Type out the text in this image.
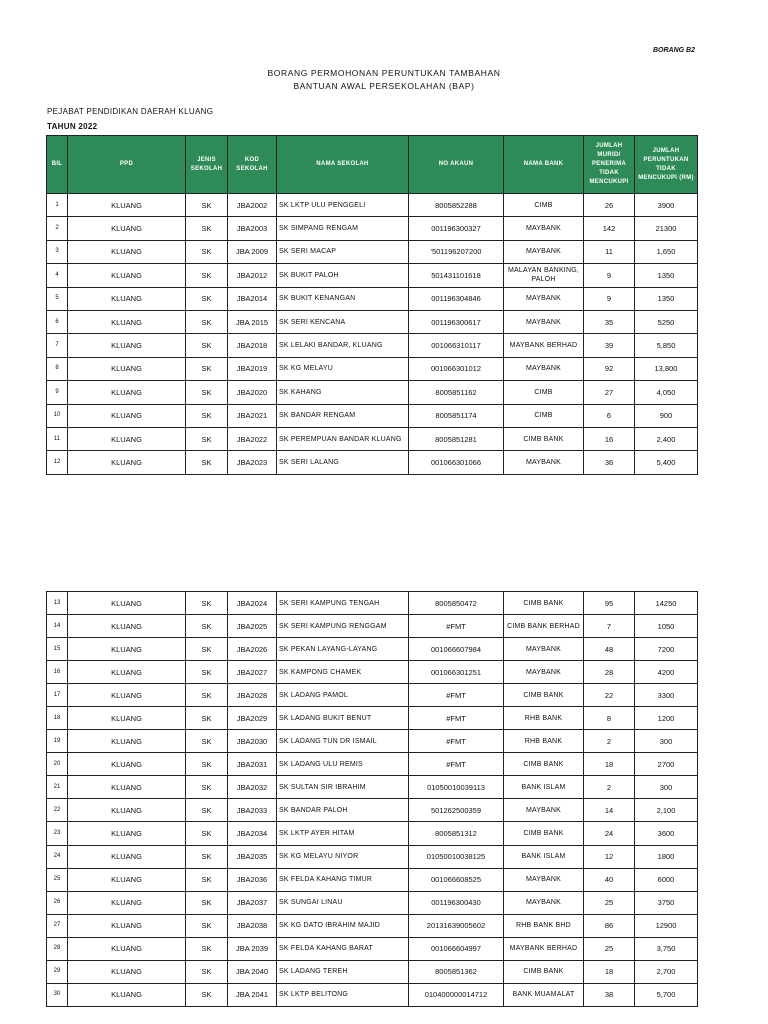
BORANG B2
BORANG PERMOHONAN PERUNTUKAN TAMBAHAN
BANTUAN AWAL PERSEKOLAHAN (BAP)
PEJABAT PENDIDIKAN DAERAH KLUANG
TAHUN 2022
BIL	PPD	JENIS SEKOLAH	KOD SEKOLAH	NAMA SEKOLAH	NO AKAUN	NAMA BANK	JUMLAH MURID/ PENERIMA TIDAK MENCUKUPI	JUMLAH PERUNTUKAN TIDAK MENCUKUPI (RM)
1	KLUANG	SK	JBA2002	SK LKTP ULU PENGGELI	8005852288	CIMB	26	3900
2	KLUANG	SK	JBA2003	SK SIMPANG RENGAM	001196300327	MAYBANK	142	21300
3	KLUANG	SK	JBA 2009	SK SERI MACAP	'501196207200	MAYBANK	11	1,650
4	KLUANG	SK	JBA2012	SK BUKIT PALOH	501431101618	MALAYAN BANKING, PALOH	9	1350
5	KLUANG	SK	JBA2014	SK BUKIT KENANGAN	001196304846	MAYBANK	9	1350
6	KLUANG	SK	JBA 2015	SK SERI KENCANA	001196300617	MAYBANK	35	5250
7	KLUANG	SK	JBA2018	SK LELAKI BANDAR, KLUANG	001066310117	MAYBANK BERHAD	39	5,850
8	KLUANG	SK	JBA2019	SK KG MELAYU	001066301012	MAYBANK	92	13,800
9	KLUANG	SK	JBA2020	SK KAHANG	8005851162	CIMB	27	4,050
10	KLUANG	SK	JBA2021	SK BANDAR RENGAM	8005851174	CIMB	6	900
11	KLUANG	SK	JBA2022	SK PEREMPUAN BANDAR KLUANG	8005851281	CIMB BANK	16	2,400
12	KLUANG	SK	JBA2023	SK SERI LALANG	001066301066	MAYBANK	36	5,400
13	KLUANG	SK	JBA2024	SK SERI KAMPUNG TENGAH	8005850472	CIMB BANK	95	14250
14	KLUANG	SK	JBA2025	SK SERI KAMPUNG RENGGAM	#FMT	CIMB BANK BERHAD	7	1050
15	KLUANG	SK	JBA2026	SK PEKAN LAYANG-LAYANG	001066607984	MAYBANK	48	7200
16	KLUANG	SK	JBA2027	SK KAMPONG CHAMEK	001066301251	MAYBANK	28	4200
17	KLUANG	SK	JBA2028	SK LADANG PAMOL	#FMT	CIMB BANK	22	3300
18	KLUANG	SK	JBA2029	SK LADANG BUKIT BENUT	#FMT	RHB BANK	8	1200
19	KLUANG	SK	JBA2030	SK LADANG TUN DR ISMAIL	#FMT	RHB BANK	2	300
20	KLUANG	SK	JBA2031	SK LADANG ULU REMIS	#FMT	CIMB BANK	18	2700
21	KLUANG	SK	JBA2032	SK SULTAN SIR IBRAHIM	01050010039113	BANK ISLAM	2	300
22	KLUANG	SK	JBA2033	SK BANDAR PALOH	501262500359	MAYBANK	14	2,100
23	KLUANG	SK	JBA2034	SK LKTP AYER HITAM	8005851312	CIMB BANK	24	3600
24	KLUANG	SK	JBA2035	SK KG MELAYU NIYOR	01050010038125	BANK ISLAM	12	1800
25	KLUANG	SK	JBA2036	SK FELDA KAHANG TIMUR	001066608525	MAYBANK	40	6000
26	KLUANG	SK	JBA2037	SK SUNGAI LINAU	001196300430	MAYBANK	25	3750
27	KLUANG	SK	JBA2038	SK KG DATO IBRAHIM MAJID	20131639005602	RHB BANK BHD	86	12900
28	KLUANG	SK	JBA 2039	SK FELDA KAHANG BARAT	001066604997	MAYBANK BERHAD	25	3,750
29	KLUANG	SK	JBA 2040	SK LADANG TEREH	8005851362	CIMB BANK	18	2,700
30	KLUANG	SK	JBA 2041	SK LKTP BELITONG	010400000014712	BANK MUAMALAT	38	5,700
